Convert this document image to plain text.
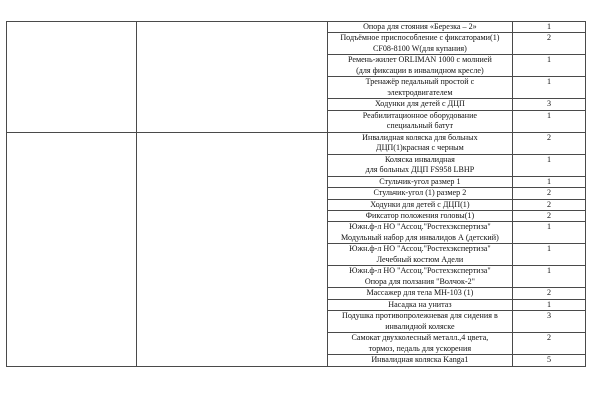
		Опора для стояния «Березка – 2»	1

		Подъёмное приспособление с фиксаторами(1)
CF08-8100 W(для купания)	2

		Ремень-жилет ORLIMAN 1000 с молнией
(для фиксации в инвалидном кресле)	1

		Тренажёр педальный простой с
электродвигателем	1

		Ходунки для детей с ДЦП	3

		Реабилитационное оборудование
специальный батут	1

		Инвалидная коляска для больных
ДЦП(1)красная с черным	2

		Коляска инвалидная
для больных ДЦП FS958 LBHP	1

		Стульчик-угол размер 1	1

		Стульчик-угол (1) размер 2	2

		Ходунки для детей с ДЦП(1)	2

		Фиксатор положения головы(1)	2

		Южн.ф-л НО "Ассоц."Ростехэкспертиза"
Модульный набор для инвалидов А (детский)	1

		Южн.ф-л НО "Ассоц."Ростехэкспертиза"
Лечебный костюм Адели	1

		Южн.ф-л НО "Ассоц."Ростехэкспертиза"
Опора для ползания "Волчок-2"	1

		Массажер для тела МН-103 (1)	2

		Насадка на унитаз	1

		Подушка противопролежневая для сидения в
инвалидной коляске	3

		Самокат двухколесный металл.,4 цвета,
тормоз, педаль для ускорения	2

		Инвалидная коляска Kanga1	5
